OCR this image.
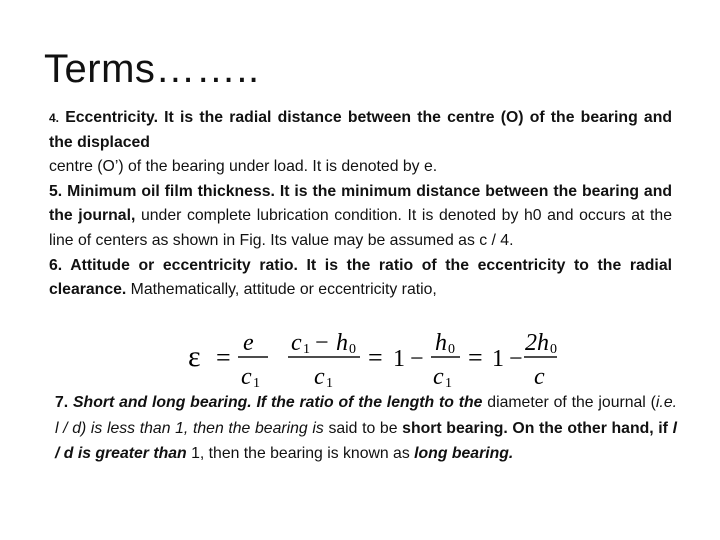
Terms……..

4. Eccentricity. It is the radial distance between the centre (O) of the bearing and the displaced
centre (O’) of the bearing under load. It is denoted by e.

5. Minimum oil film thickness. It is the minimum distance between the bearing and the journal, under complete lubrication condition. It is denoted by h0 and occurs at the line of centers as shown in Fig. Its value may be assumed as c / 4.

6. Attitude or eccentricity ratio. It is the ratio of the eccentricity to the radial clearance. Mathematically, attitude or eccentricity ratio,

ε = e
c 1
c 1 − h 0
c 1
= 1 −
h 0
c 1
= 1 −
2h 0
c

7. Short and long bearing. If the ratio of the length to the diameter of the journal (i.e. l / d) is less than 1, then the bearing is said to be short bearing. On the other hand, if l / d is greater than 1, then the bearing is known as long bearing.
